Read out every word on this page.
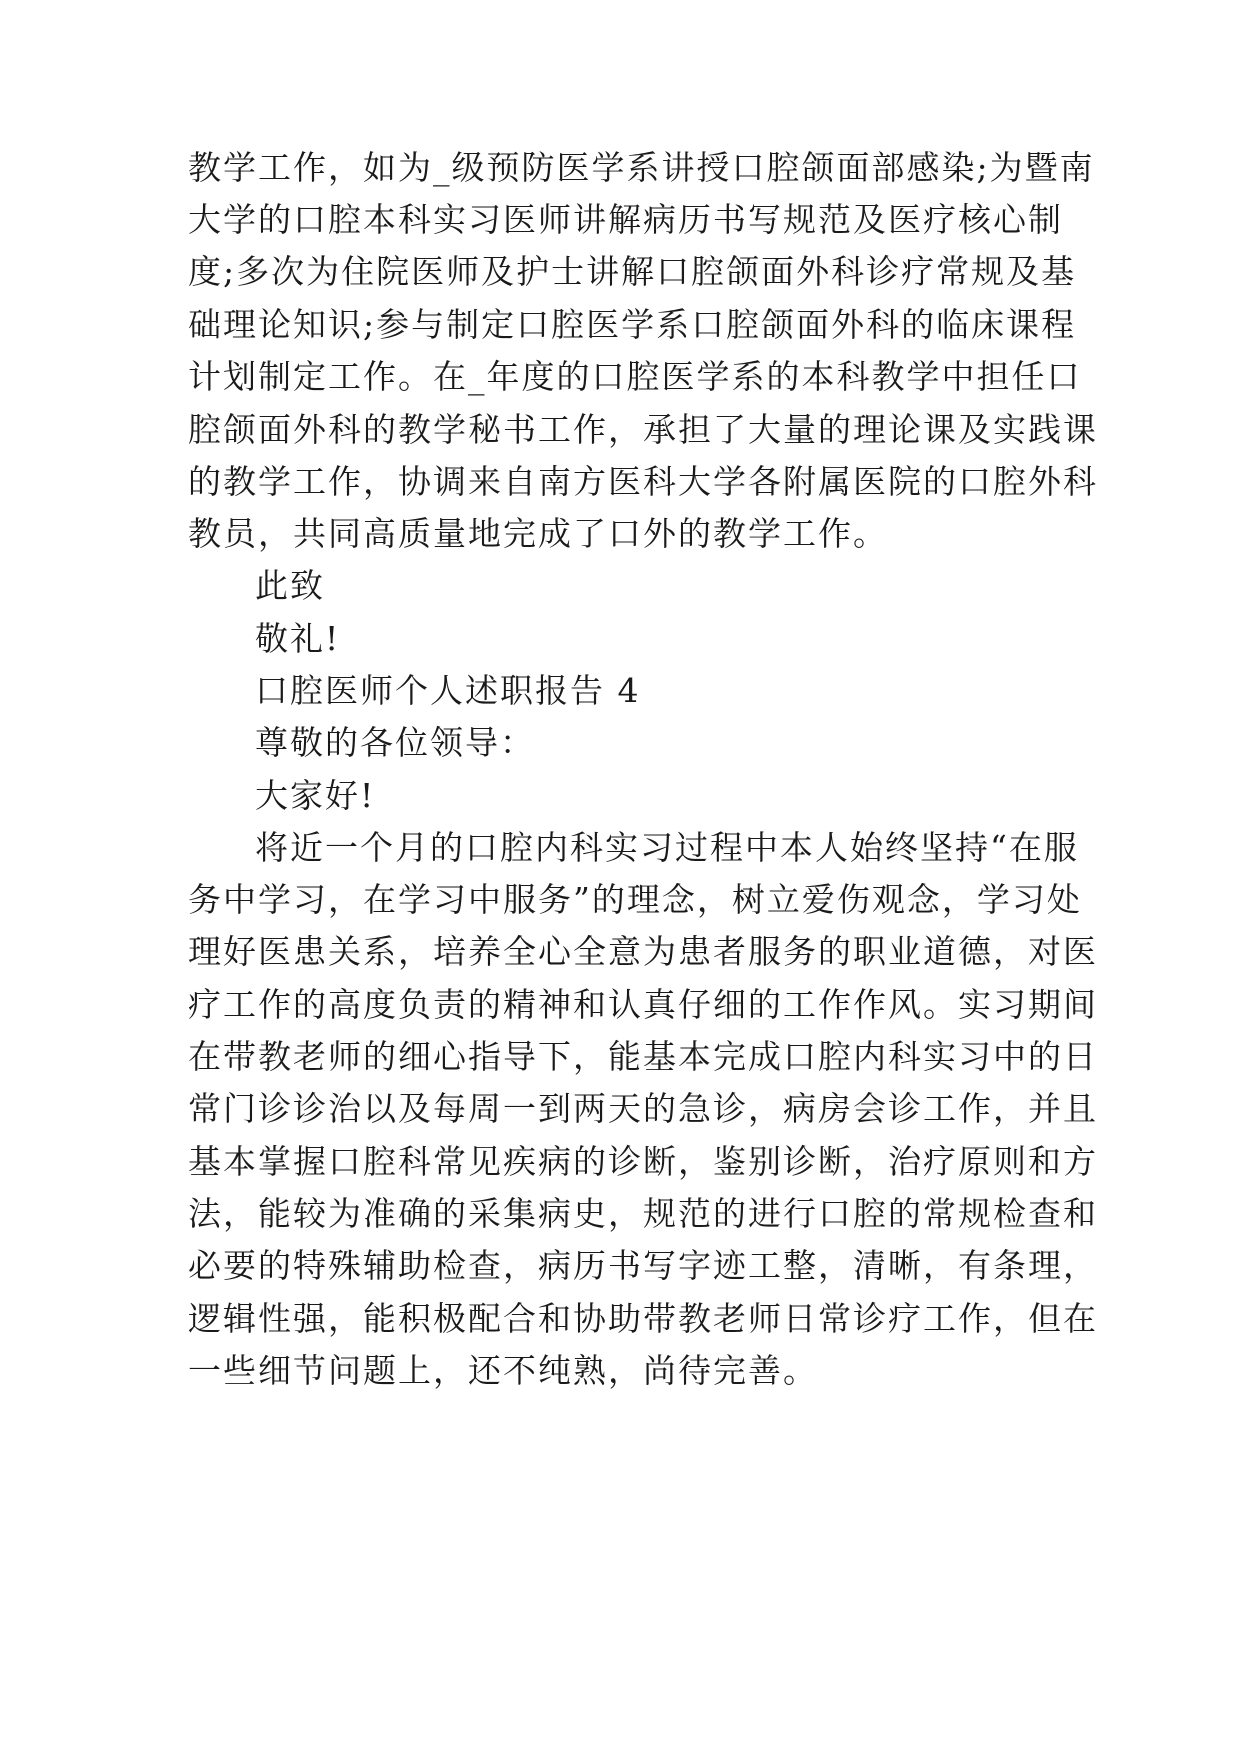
教学工作，如为_级预防医学系讲授口腔颌面部感染;为暨南
大学的口腔本科实习医师讲解病历书写规范及医疗核心制
度;多次为住院医师及护士讲解口腔颌面外科诊疗常规及基
础理论知识;参与制定口腔医学系口腔颌面外科的临床课程
计划制定工作。在_年度的口腔医学系的本科教学中担任口
腔颌面外科的教学秘书工作，承担了大量的理论课及实践课
的教学工作，协调来自南方医科大学各附属医院的口腔外科
教员，共同高质量地完成了口外的教学工作。
此致
敬礼!
口腔医师个人述职报告 4
尊敬的各位领导：
大家好!
将近一个月的口腔内科实习过程中本人始终坚持“在服
务中学习，在学习中服务”的理念，树立爱伤观念，学习处
理好医患关系，培养全心全意为患者服务的职业道德，对医
疗工作的高度负责的精神和认真仔细的工作作风。实习期间
在带教老师的细心指导下，能基本完成口腔内科实习中的日
常门诊诊治以及每周一到两天的急诊，病房会诊工作，并且
基本掌握口腔科常见疾病的诊断，鉴别诊断，治疗原则和方
法，能较为准确的采集病史，规范的进行口腔的常规检查和
必要的特殊辅助检查，病历书写字迹工整，清晰，有条理，
逻辑性强，能积极配合和协助带教老师日常诊疗工作，但在
一些细节问题上，还不纯熟，尚待完善。
